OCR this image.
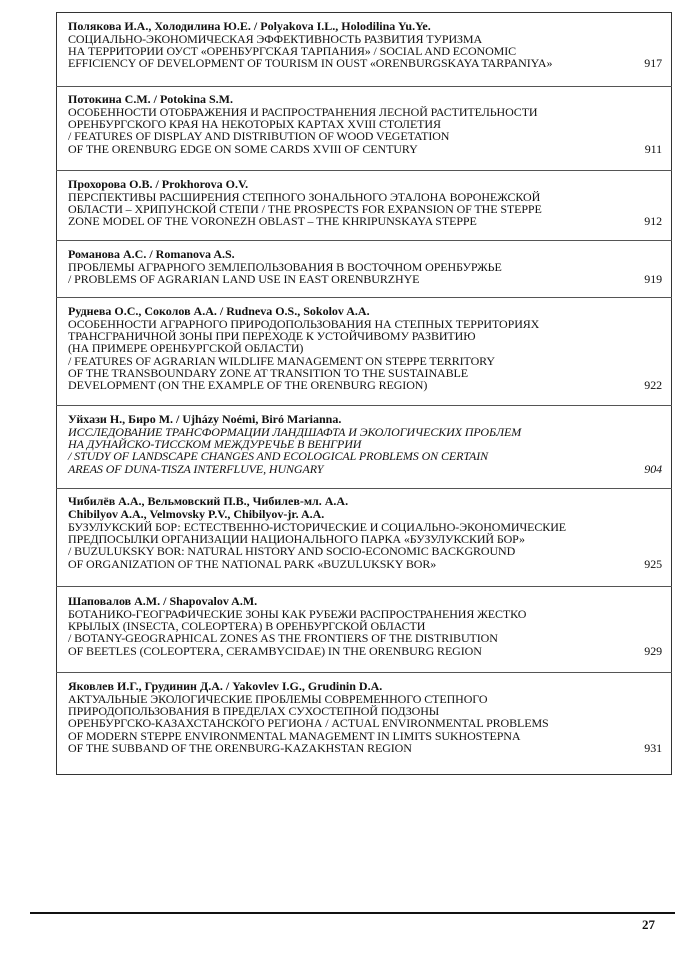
Полякова И.А., Холодилина Ю.Е. / Polyakova I.L., Holodilina Yu.Ye.

СОЦИАЛЬНО-ЭКОНОМИЧЕСКАЯ ЭФФЕКТИВНОСТЬ РАЗВИТИЯ ТУРИЗМА
НА ТЕРРИТОРИИ ОУСТ «ОРЕНБУРГСКАЯ ТАРПАНИЯ» / SOCIAL AND ECONOMIC
EFFICIENCY OF DEVELOPMENT OF TOURISM IN OUST «ORENBURGSKAYA TARPANIYA»	917

Потокина С.М. / Potokina S.M.

ОСОБЕННОСТИ ОТОБРАЖЕНИЯ И РАСПРОСТРАНЕНИЯ ЛЕСНОЙ РАСТИТЕЛЬНОСТИ
ОРЕНБУРГСКОГО КРАЯ НА НЕКОТОРЫХ КАРТАХ XVIII СТОЛЕТИЯ
/ FEATURES OF DISPLAY AND DISTRIBUTION OF WOOD VEGETATION
OF THE ORENBURG EDGE ON SOME CARDS XVIII OF CENTURY	911

Прохорова О.В. / Prokhorova O.V.

ПЕРСПЕКТИВЫ РАСШИРЕНИЯ СТЕПНОГО ЗОНАЛЬНОГО ЭТАЛОНА ВОРОНЕЖСКОЙ
ОБЛАСТИ – ХРИПУНСКОЙ СТЕПИ / THE PROSPECTS FOR EXPANSION OF THE STEPPE
ZONE MODEL OF THE VORONEZH OBLAST – THE KHRIPUNSKAYA STEPPE	912

Романова А.С. / Romanova A.S.

ПРОБЛЕМЫ АГРАРНОГО ЗЕМЛЕПОЛЬЗОВАНИЯ В ВОСТОЧНОМ ОРЕНБУРЖЬЕ
/ PROBLEMS OF AGRARIAN LAND USE IN EAST ORENBURZHYE	919

Руднева О.С., Соколов А.А. / Rudneva O.S., Sokolov A.A.

ОСОБЕННОСТИ АГРАРНОГО ПРИРОДОПОЛЬЗОВАНИЯ НА СТЕПНЫХ ТЕРРИТОРИЯХ
ТРАНСГРАНИЧНОЙ ЗОНЫ ПРИ ПЕРЕХОДЕ К УСТОЙЧИВОМУ РАЗВИТИЮ
(НА ПРИМЕРЕ ОРЕНБУРГСКОЙ ОБЛАСТИ)
/ FEATURES OF AGRARIAN WILDLIFE MANAGEMENT ON STEPPE TERRITORY
OF THE TRANSBOUNDARY ZONE AT TRANSITION TO THE SUSTAINABLE
DEVELOPMENT (ON THE EXAMPLE OF THE ORENBURG REGION)	922

Уйхази Н., Биро М. / Ujházy Noémi, Biró Marianna.

ИССЛЕДОВАНИЕ ТРАНСФОРМАЦИИ ЛАНДШАФТА И ЭКОЛОГИЧЕСКИХ ПРОБЛЕМ
НА ДУНАЙСКО-ТИССКОМ МЕЖДУРЕЧЬЕ В ВЕНГРИИ
/ STUDY OF LANDSCAPE CHANGES AND ECOLOGICAL PROBLEMS ON CERTAIN
AREAS OF DUNA-TISZA INTERFLUVE, HUNGARY	904

Чибилёв А.А., Вельмовский П.В., Чибилев-мл. А.А.
Chibilyov A.A., Velmovsky P.V., Chibilyov-jr. A.A.

БУЗУЛУКСКИЙ БОР: ЕСТЕСТВЕННО-ИСТОРИЧЕСКИЕ И СОЦИАЛЬНО-ЭКОНОМИЧЕСКИЕ
ПРЕДПОСЫЛКИ ОРГАНИЗАЦИИ НАЦИОНАЛЬНОГО ПАРКА «БУЗУЛУКСКИЙ БОР»
/ BUZULUKSKY BOR: NATURAL HISTORY AND SOCIO-ECONOMIC BACKGROUND
OF ORGANIZATION OF THE NATIONAL PARK «BUZULUKSKY BOR»	925

Шаповалов А.М. / Shapovalov A.M.

БОТАНИКО-ГЕОГРАФИЧЕСКИЕ ЗОНЫ КАК РУБЕЖИ РАСПРОСТРАНЕНИЯ ЖЕСТКО
КРЫЛЫХ (INSECTA, COLEOPTERA) В ОРЕНБУРГСКОЙ ОБЛАСТИ
/ BOTANY-GEOGRAPHICAL ZONES AS THE FRONTIERS OF THE DISTRIBUTION
OF BEETLES (COLEOPTERA, CERAMBYCIDAE) IN THE ORENBURG REGION	929

Яковлев И.Г., Грудинин Д.А. / Yakovlev I.G., Grudinin D.A.

АКТУАЛЬНЫЕ ЭКОЛОГИЧЕСКИЕ ПРОБЛЕМЫ СОВРЕМЕННОГО СТЕПНОГО
ПРИРОДОПОЛЬЗОВАНИЯ В ПРЕДЕЛАХ СУХОСТЕПНОЙ ПОДЗОНЫ
ОРЕНБУРГСКО-КАЗАХСТАНСКОГО РЕГИОНА / ACTUAL ENVIRONMENTAL PROBLEMS
OF MODERN STEPPE ENVIRONMENTAL MANAGEMENT IN LIMITS SUKHOSTEPNA
OF THE SUBBAND OF THE ORENBURG-KAZAKHSTAN REGION	931

27
